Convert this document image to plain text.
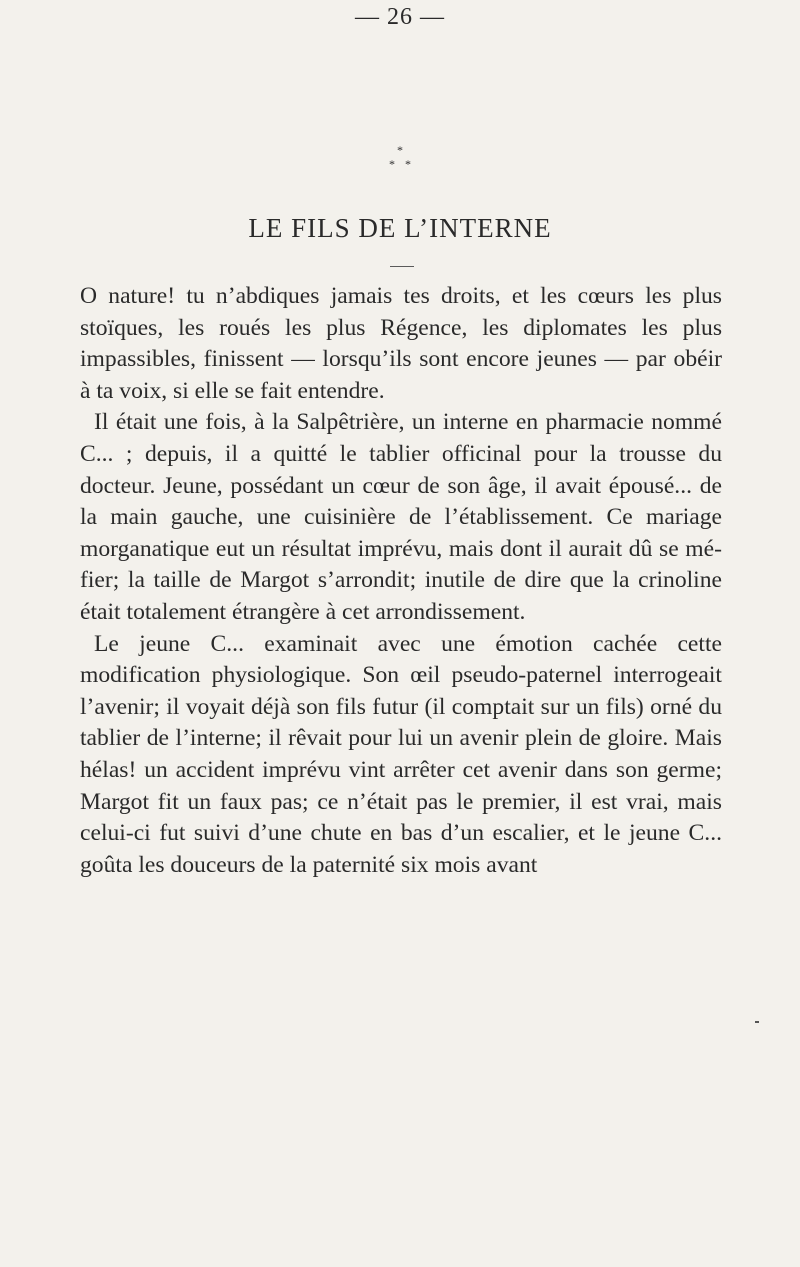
— 26 —
*
* *
LE FILS DE L’INTERNE

O nature! tu n’abdiques jamais tes droits, et les cœurs les plus stoïques, les roués les plus Régence, les diplomates les plus impassibles, finissent — lorsqu’ils sont encore jeunes — par obéir à ta voix, si elle se fait entendre.

Il était une fois, à la Salpêtrière, un interne en pharmacie nommé C... ; depuis, il a quitté le tablier officinal pour la trousse du docteur. Jeune, possédant un cœur de son âge, il avait épousé... de la main gauche, une cuisinière de l’établissement. Ce mariage morganatique eut un résultat imprévu, mais dont il aurait dû se méfier; la taille de Margot s’arrondit; inutile de dire que la crinoline était totalement étrangère à cet arrondissement.

Le jeune C... examinait avec une émotion cachée cette modification physiologique. Son œil pseudo-paternel interrogeait l’avenir; il voyait déjà son fils futur (il comptait sur un fils) orné du tablier de l’interne; il rêvait pour lui un avenir plein de gloire. Mais hélas! un accident imprévu vint arrêter cet avenir dans son germe; Margot fit un faux pas; ce n’était pas le premier, il est vrai, mais celui-ci fut suivi d’une chute en bas d’un escalier, et le jeune C... goûta les douceurs de la paternité six mois avant
